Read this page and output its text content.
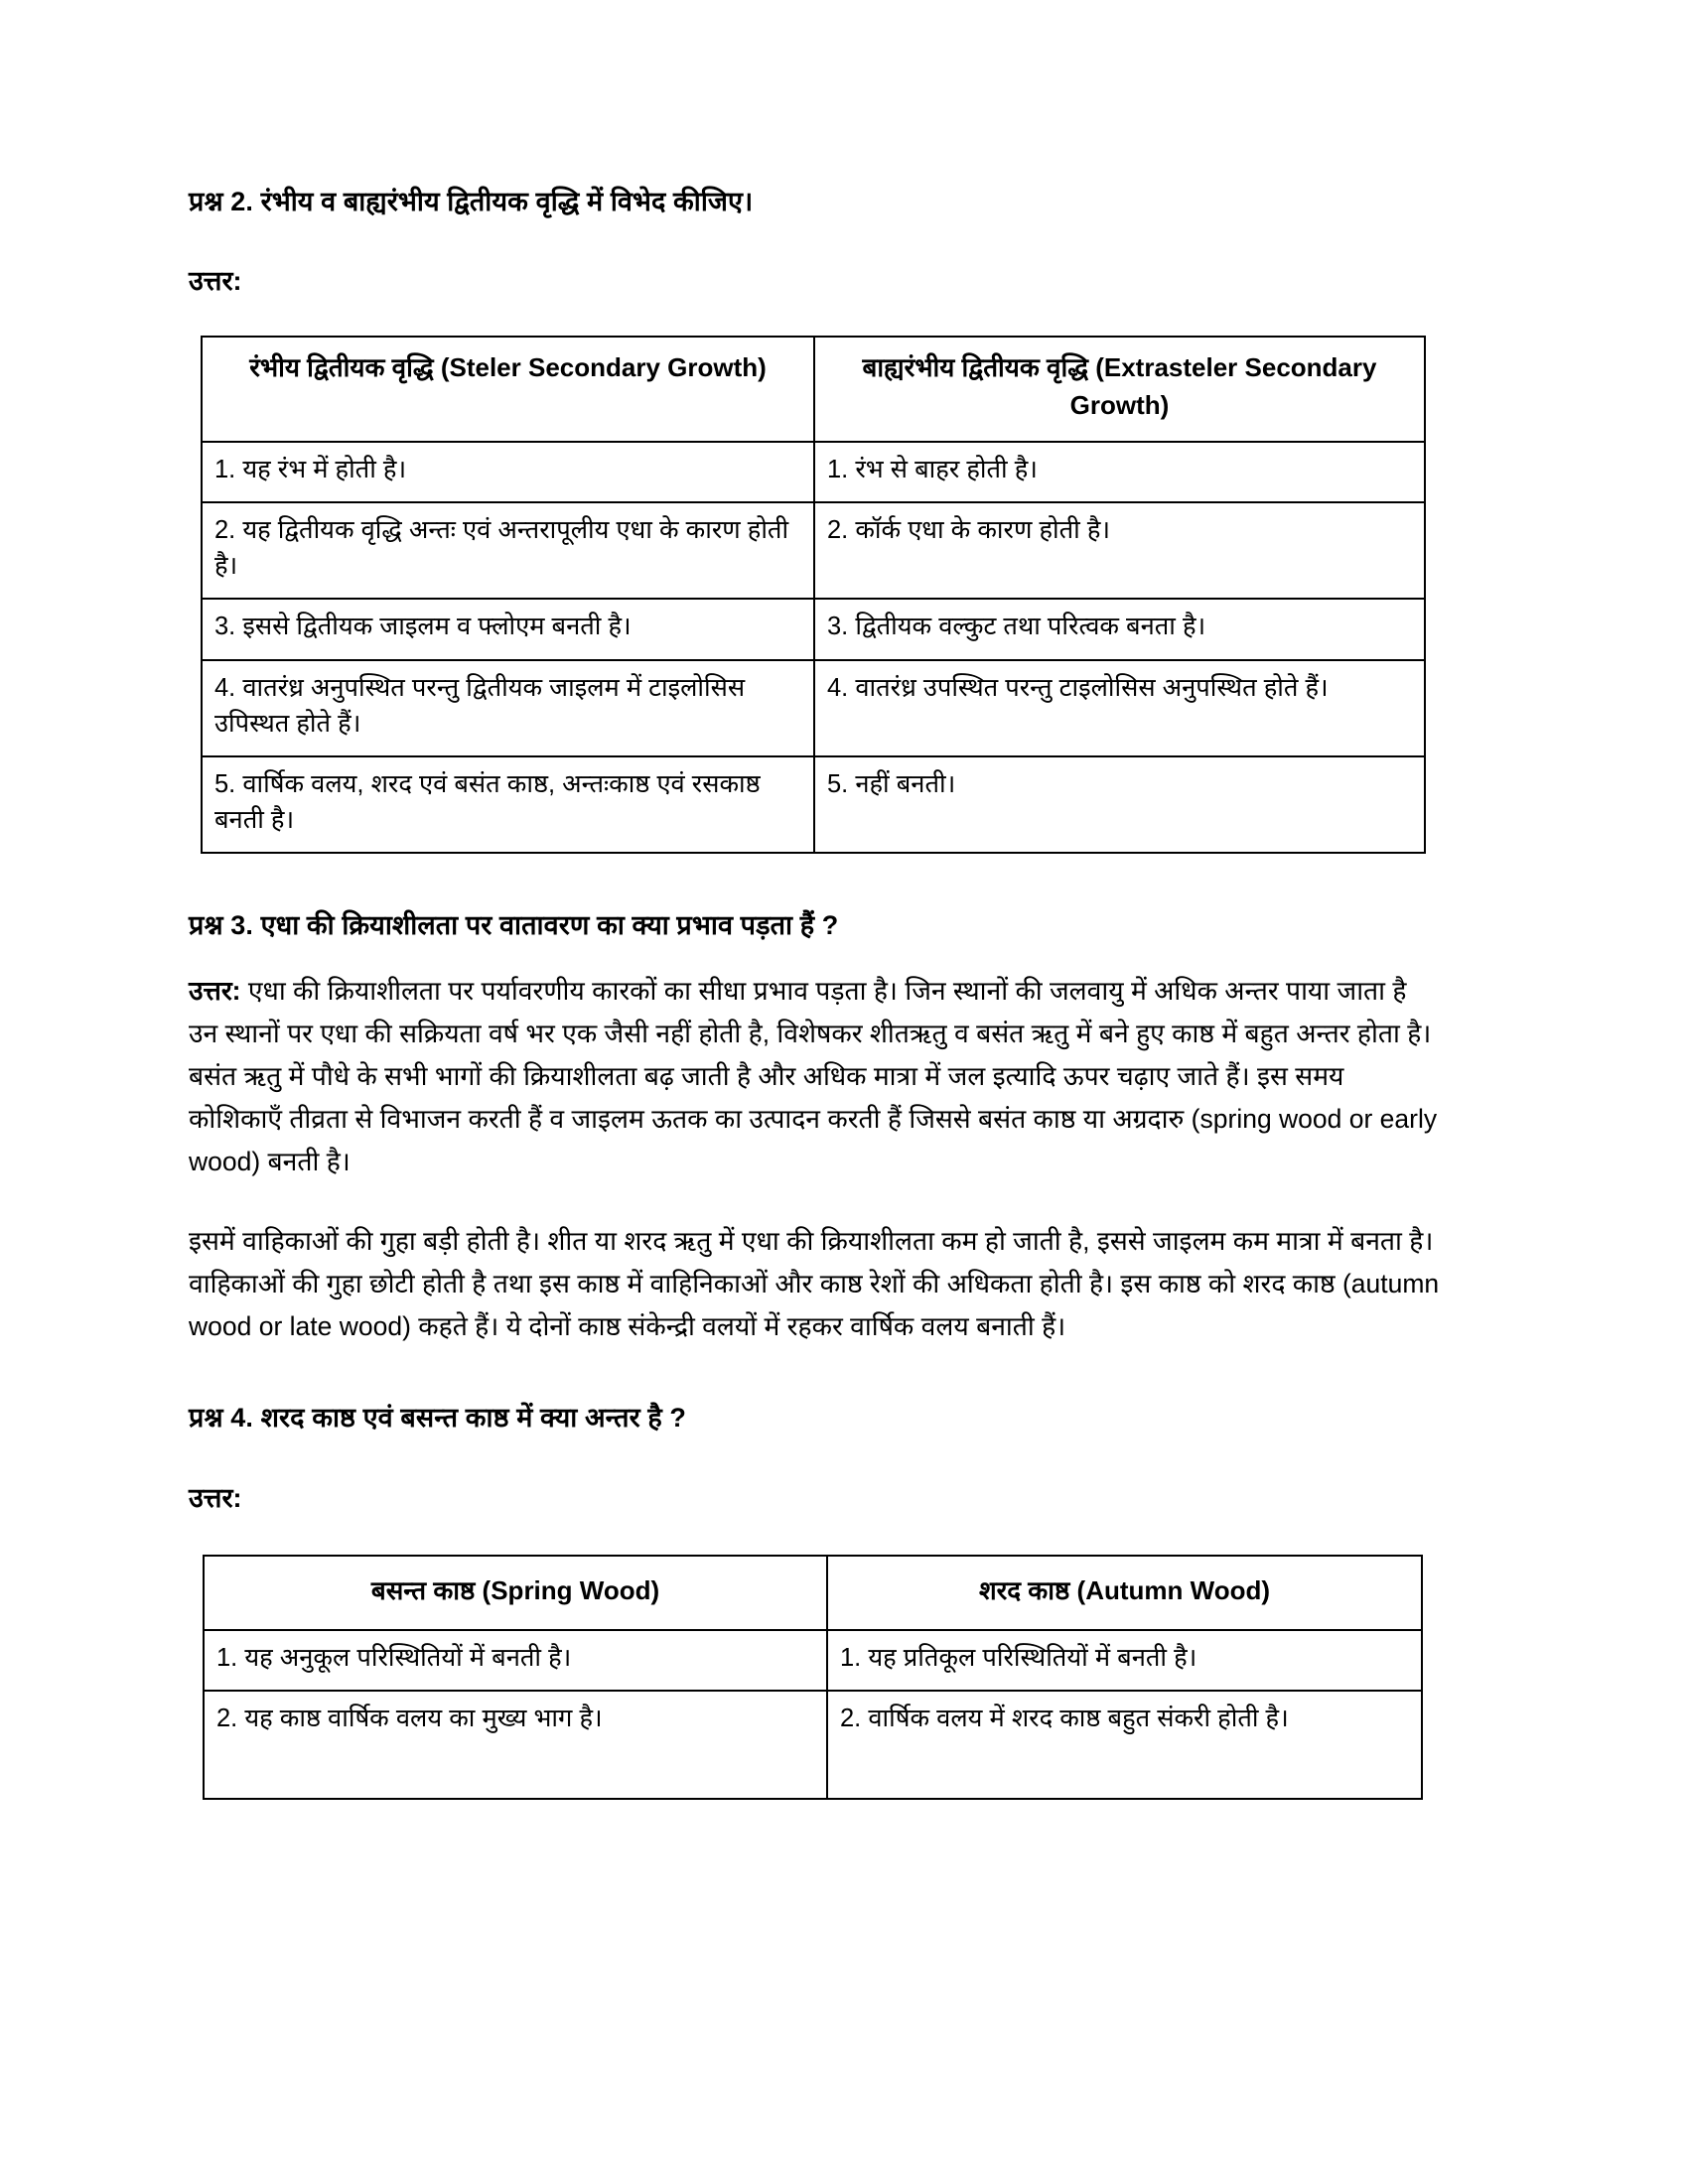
प्रश्न 2. रंभीय व बाह्यरंभीय द्वितीयक वृद्धि में विभेद कीजिए।
उत्तर:
रंभीय द्वितीयक वृद्धि (Steler Secondary Growth)	बाह्यरंभीय द्वितीयक वृद्धि (Extrasteler Secondary Growth)
1. यह रंभ में होती है।	1. रंभ से बाहर होती है।
2. यह द्वितीयक वृद्धि अन्तः एवं अन्तरापूलीय एधा के कारण होती है।	2. कॉर्क एधा के कारण होती है।
3. इससे द्वितीयक जाइलम व फ्लोएम बनती है।	3. द्वितीयक वल्कुट तथा परित्वक बनता है।
4. वातरंध्र अनुपस्थित परन्तु द्वितीयक जाइलम में टाइलोसिस उपिस्थत होते हैं।	4. वातरंध्र उपस्थित परन्तु टाइलोसिस अनुपस्थित होते हैं।
5. वार्षिक वलय, शरद एवं बसंत काष्ठ, अन्तःकाष्ठ एवं रसकाष्ठ बनती है।	5. नहीं बनती।
प्रश्न 3. एधा की क्रियाशीलता पर वातावरण का क्या प्रभाव पड़ता हैं ?
उत्तर: एधा की क्रियाशीलता पर पर्यावरणीय कारकों का सीधा प्रभाव पड़ता है। जिन स्थानों की जलवायु में अधिक अन्तर पाया जाता है उन स्थानों पर एधा की सक्रियता वर्ष भर एक जैसी नहीं होती है, विशेषकर शीतऋतु व बसंत ऋतु में बने हुए काष्ठ में बहुत अन्तर होता है। बसंत ऋतु में पौधे के सभी भागों की क्रियाशीलता बढ़ जाती है और अधिक मात्रा में जल इत्यादि ऊपर चढ़ाए जाते हैं। इस समय कोशिकाएँ तीव्रता से विभाजन करती हैं व जाइलम ऊतक का उत्पादन करती हैं जिससे बसंत काष्ठ या अग्रदारु (spring wood or early wood) बनती है।
इसमें वाहिकाओं की गुहा बड़ी होती है। शीत या शरद ऋतु में एधा की क्रियाशीलता कम हो जाती है, इससे जाइलम कम मात्रा में बनता है। वाहिकाओं की गुहा छोटी होती है तथा इस काष्ठ में वाहिनिकाओं और काष्ठ रेशों की अधिकता होती है। इस काष्ठ को शरद काष्ठ (autumn wood or late wood) कहते हैं। ये दोनों काष्ठ संकेन्द्री वलयों में रहकर वार्षिक वलय बनाती हैं।
प्रश्न 4. शरद काष्ठ एवं बसन्त काष्ठ में क्या अन्तर है ?
उत्तर:
बसन्त काष्ठ (Spring Wood)	शरद काष्ठ (Autumn Wood)
1. यह अनुकूल परिस्थितियों में बनती है।	1. यह प्रतिकूल परिस्थितियों में बनती है।
2. यह काष्ठ वार्षिक वलय का मुख्य भाग है।	2. वार्षिक वलय में शरद काष्ठ बहुत संकरी होती है।
